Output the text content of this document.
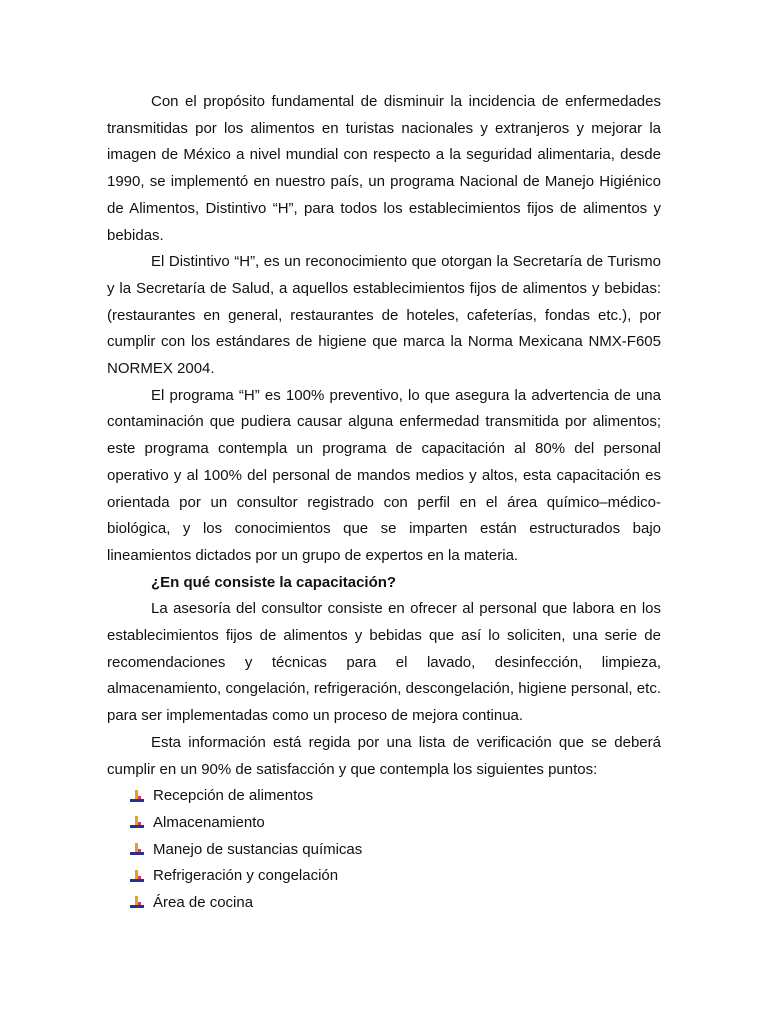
Con el propósito fundamental de disminuir la incidencia de enfermedades transmitidas por los alimentos en turistas nacionales y extranjeros y mejorar la imagen de México a nivel mundial con respecto a la seguridad alimentaria, desde 1990, se implementó en nuestro país, un programa Nacional de Manejo Higiénico de Alimentos, Distintivo “H”, para todos los establecimientos fijos de alimentos y bebidas.

El Distintivo “H”, es un reconocimiento que otorgan la Secretaría de Turismo y la Secretaría de Salud, a aquellos establecimientos fijos de alimentos y bebidas: (restaurantes en general, restaurantes de hoteles, cafeterías, fondas etc.), por cumplir con los estándares de higiene que marca la Norma Mexicana NMX-F605 NORMEX 2004.

El programa “H” es 100% preventivo, lo que asegura la advertencia de una contaminación que pudiera causar alguna enfermedad transmitida por alimentos; este programa contempla un programa de capacitación al 80% del personal operativo y al 100% del personal de mandos medios y altos, esta capacitación es orientada por un consultor registrado con perfil en el área químico–médico-biológica, y los conocimientos que se imparten están estructurados bajo lineamientos dictados por un grupo de expertos en la materia.

¿En qué consiste la capacitación?

La asesoría del consultor consiste en ofrecer al personal que labora en los establecimientos fijos de alimentos y bebidas que así lo soliciten, una serie de recomendaciones y técnicas para el lavado, desinfección, limpieza, almacenamiento, congelación, refrigeración, descongelación, higiene personal, etc. para ser implementadas como un proceso de mejora continua.

Esta información está regida por una lista de verificación que se deberá cumplir en un 90% de satisfacción y que contempla los siguientes puntos:

Recepción de alimentos
Almacenamiento
Manejo de sustancias químicas
Refrigeración y congelación
Área de cocina
